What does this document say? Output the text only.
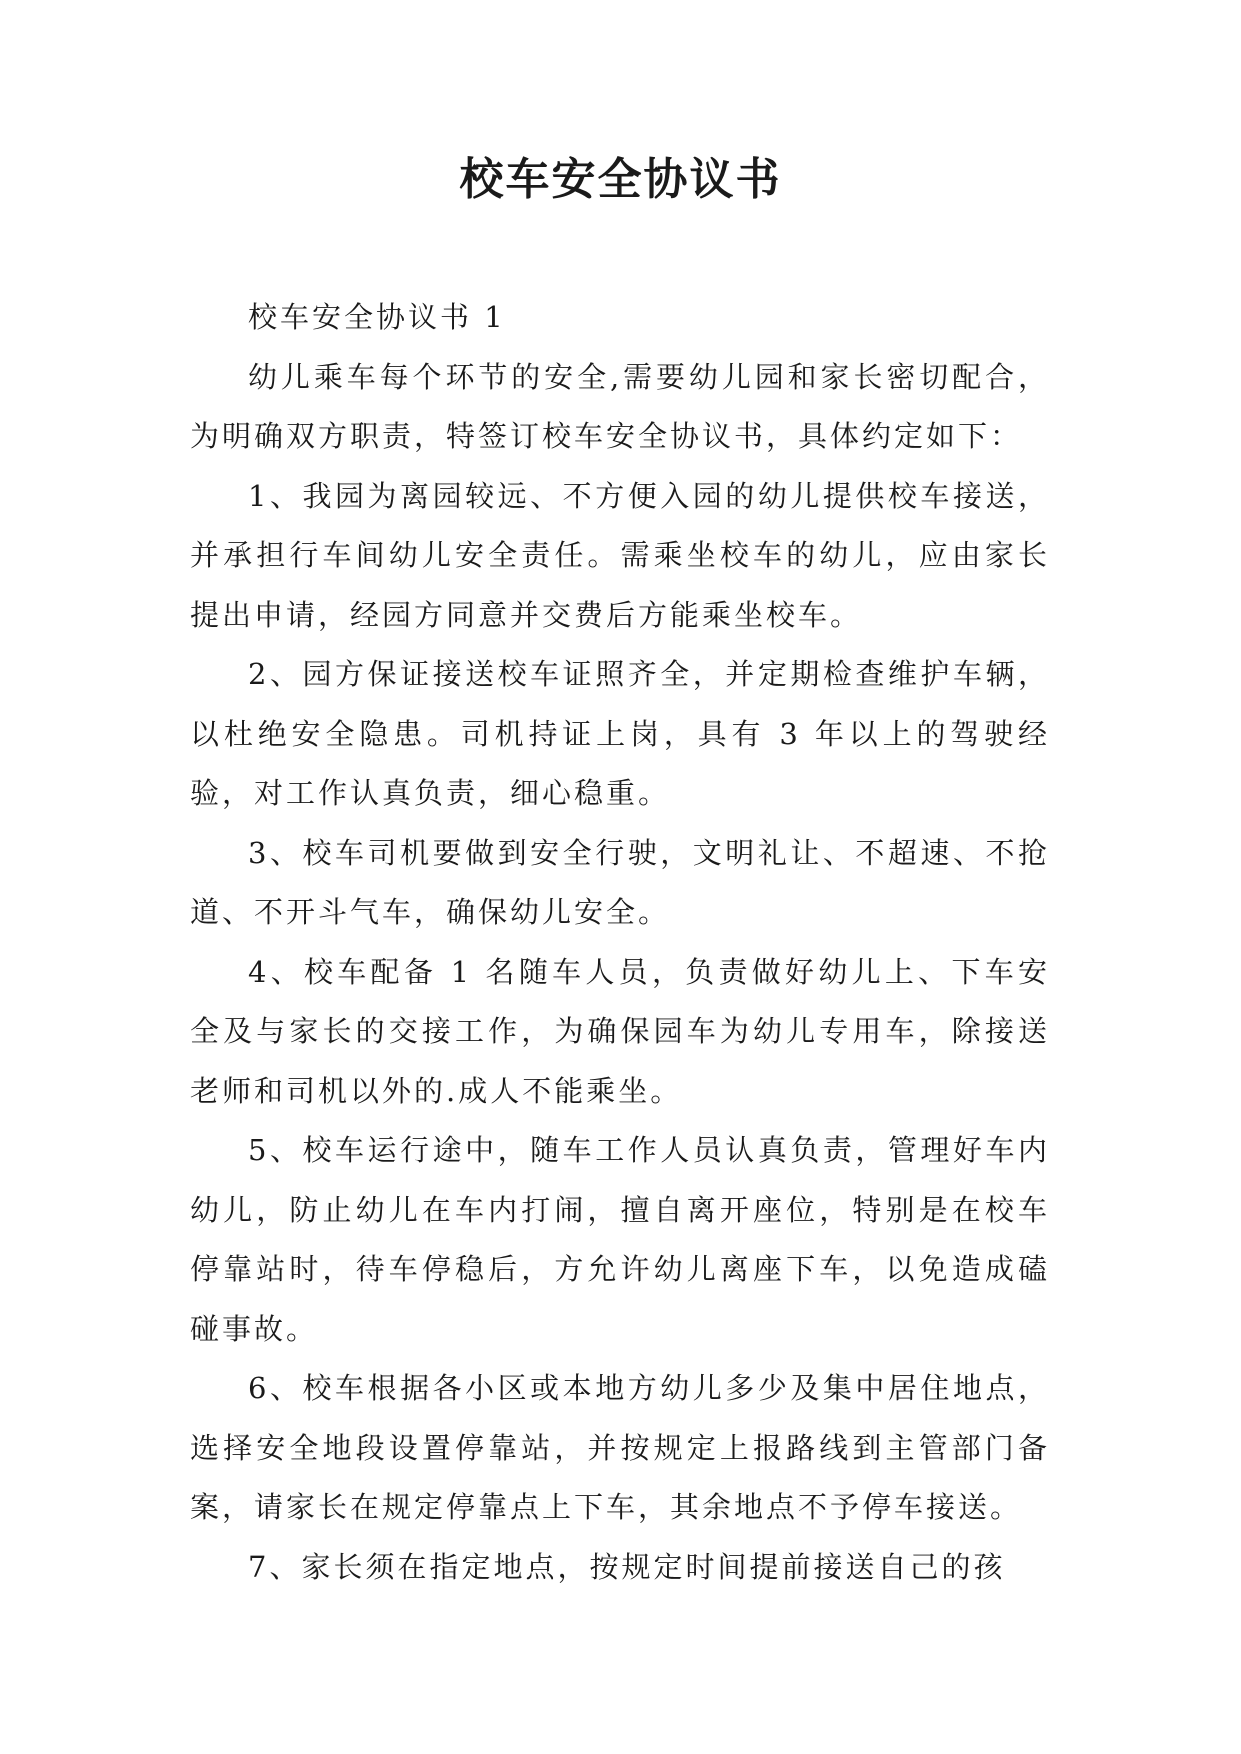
校车安全协议书

校车安全协议书 1

幼儿乘车每个环节的安全,需要幼儿园和家长密切配合，为明确双方职责，特签订校车安全协议书，具体约定如下：

1、我园为离园较远、不方便入园的幼儿提供校车接送，并承担行车间幼儿安全责任。需乘坐校车的幼儿，应由家长提出申请，经园方同意并交费后方能乘坐校车。

2、园方保证接送校车证照齐全，并定期检查维护车辆，以杜绝安全隐患。司机持证上岗，具有 3 年以上的驾驶经验，对工作认真负责，细心稳重。

3、校车司机要做到安全行驶，文明礼让、不超速、不抢道、不开斗气车，确保幼儿安全。

4、校车配备 1 名随车人员，负责做好幼儿上、下车安全及与家长的交接工作，为确保园车为幼儿专用车，除接送老师和司机以外的.成人不能乘坐。

5、校车运行途中，随车工作人员认真负责，管理好车内幼儿，防止幼儿在车内打闹，擅自离开座位，特别是在校车停靠站时，待车停稳后，方允许幼儿离座下车，以免造成磕碰事故。

6、校车根据各小区或本地方幼儿多少及集中居住地点，选择安全地段设置停靠站，并按规定上报路线到主管部门备案，请家长在规定停靠点上下车，其余地点不予停车接送。

7、家长须在指定地点，按规定时间提前接送自己的孩
